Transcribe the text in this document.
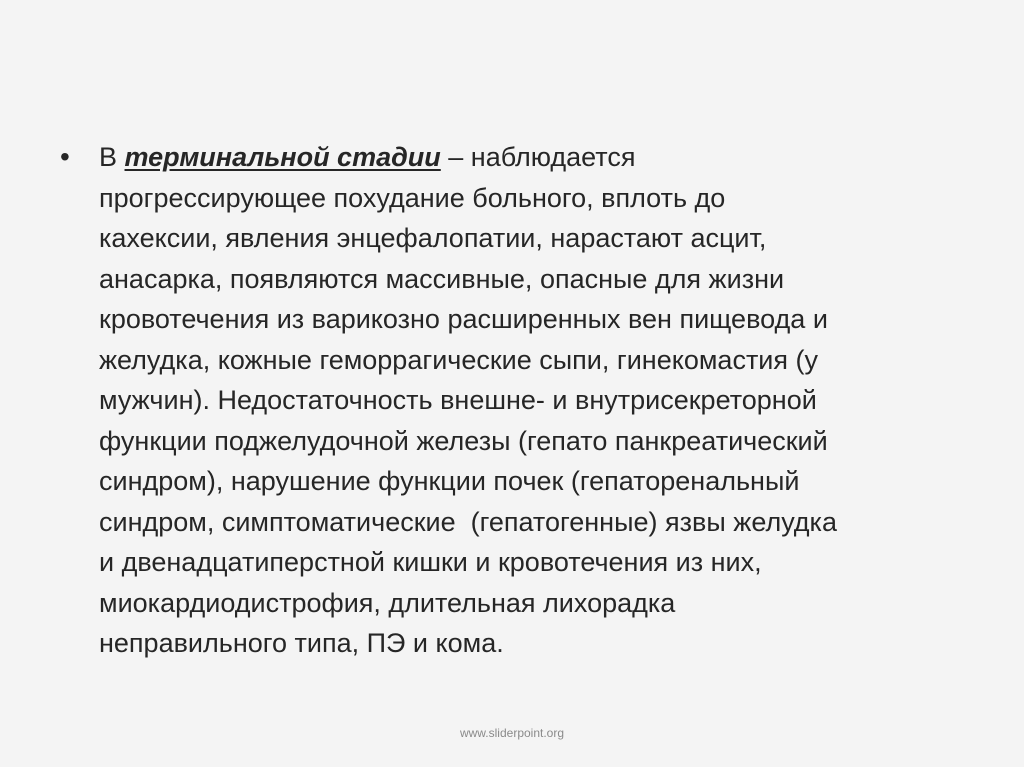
• В терминальной стадии – наблюдается
прогрессирующее похудание больного, вплоть до
кахексии, явления энцефалопатии, нарастают асцит,
анасарка, появляются массивные, опасные для жизни
кровотечения из варикозно расширенных вен пищевода и
желудка, кожные геморрагические сыпи, гинекомастия (у
мужчин). Недостаточность внешне- и внутрисекреторной
функции поджелудочной железы (гепато панкреатический
синдром), нарушение функции почек (гепаторенальный
синдром, симптоматические  (гепатогенные) язвы желудка
и двенадцатиперстной кишки и кровотечения из них,
миокардиодистрофия, длительная лихорадка
неправильного типа, ПЭ и кома.
www.sliderpoint.org
